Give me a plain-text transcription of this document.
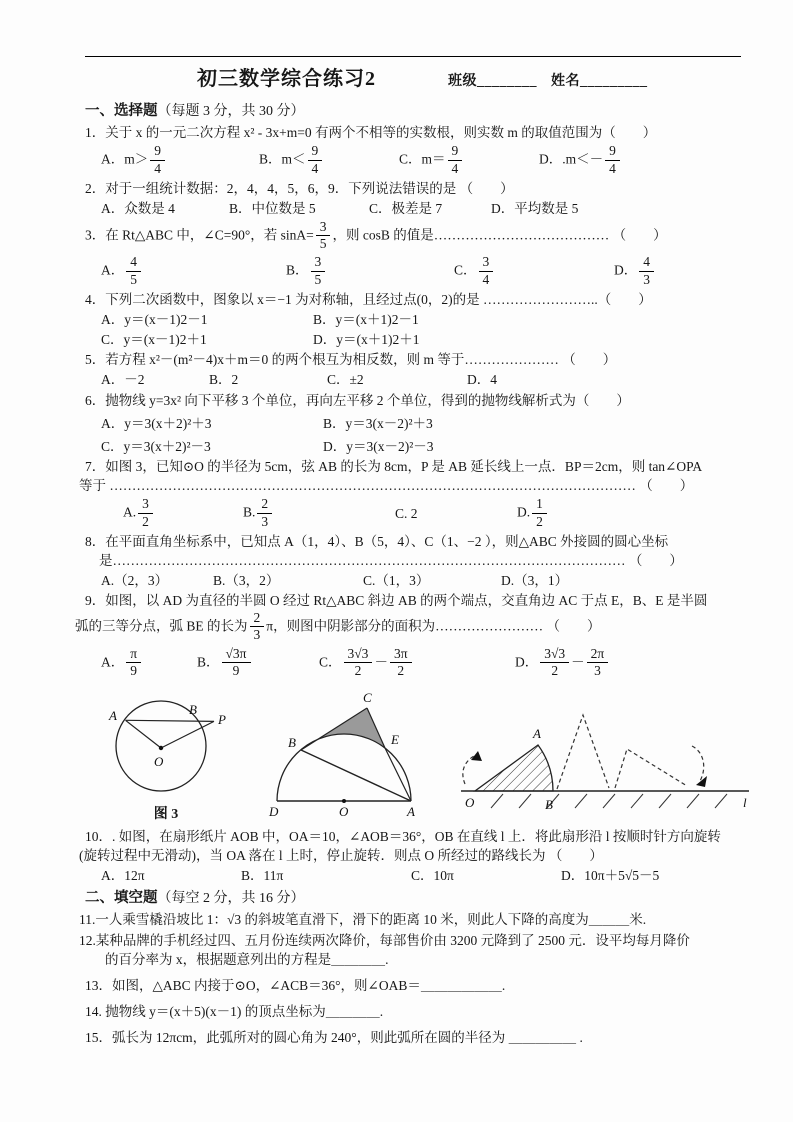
初三数学综合练习2	班级________ 姓名_________
一、选择题（每题 3 分，共 30 分）
1．关于 x 的一元二次方程 x² - 3x+m=0 有两个不相等的实数根，则实数 m 的取值范围为（　　）
A．$m> \frac{9}{4}$	B．$m< \frac{9}{4}$	C．$m= \frac{9}{4}$	D．$.m<- \frac{9}{4}$
2．对于一组统计数据：2，4，4，5，6，9．下列说法错误的是 （　　）
A．众数是 4	B．中位数是 5	C．极差是 7	D．平均数是 5
3．在 Rt△ABC 中，∠C=90°，若 $\sin A= \frac{3}{5}$ ，则 cosB 的值是………………………………… （　　）
A． $\frac{4}{5}$	B． $\frac{3}{5}$	C． $\frac{3}{4}$	D． $\frac{4}{3}$
4．下列二次函数中，图象以 x＝−1 为对称轴，且经过点(0，2)的是 ……………………..（　　）
A．y＝(x－1)2－1	B．y＝(x＋1)2－1
C．y＝(x－1)2＋1	D．y＝(x＋1)2＋1
5．若方程 x²－(m²－4)x＋m＝0 的两个根互为相反数，则 m 等于………………… （　　）
A．－2	B．2	C．±2	D．4
6．抛物线 y=3x² 向下平移 3 个单位，再向左平移 2 个单位，得到的抛物线解析式为（　　）
A．y＝3(x＋2)²＋3	B．y＝3(x－2)²＋3
C．y＝3(x＋2)²－3	D．y＝3(x－2)²－3
7．如图 3，已知⊙O 的半径为 5cm，弦 AB 的长为 8cm，P 是 AB 延长线上一点．BP＝2cm，则 tan∠OPA
等于 ……………………………………………………………………………………………………… （　　）
A. $\frac{3}{2}$	B. $\frac{2}{3}$	C. 2	D. $\frac{1}{2}$
8．在平面直角坐标系中，已知点 A（1，4）、B（5，4）、C（1、−2 ），则△ABC 外接圆的圆心坐标
是…………………………………………………………………………………………………… （　　）
A.（2，3）	B.（3，2）	C.（1，3）	D.（3，1）
9．如图，以 AD 为直径的半圆 O 经过 Rt△ABC 斜边 AB 的两个端点，交直角边 AC 于点 E，B、E 是半圆
弧的三等分点，弧 BE 的长为 $\frac{2}{3}$ π，则图中阴影部分的面积为…………………… （　　）
A． $\frac{\pi}{9}$	B． $\frac{√3\pi}{9}$	C． $\frac{3√3}{2} - \frac{3\pi}{2}$	D． $\frac{3√3}{2} - \frac{2\pi}{3}$
A	B
P
O
图 3
C
B	E
D	O	A
A
O	B	l
10．. 如图，在扇形纸片 AOB 中，OA＝10，∠AOB＝36°，OB 在直线 l 上．将此扇形沿 l 按顺时针方向旋转
(旋转过程中无滑动)，当 OA 落在 l 上时，停止旋转．则点 O 所经过的路线长为 （　　）
A．12π	B．11π	C．10π	D．10π＋5√5－5
二、填空题（每空 2 分，共 16 分）
11.一人乘雪橇沿坡比 1：√3 的斜坡笔直滑下，滑下的距离 10 米，则此人下降的高度为＿＿＿米.
12.某种品牌的手机经过四、五月份连续两次降价，每部售价由 3200 元降到了 2500 元．设平均每月降价
的百分率为 x，根据题意列出的方程是＿＿＿＿.
13．如图，△ABC 内接于⊙O，∠ACB＝36°，则∠OAB＝＿＿＿＿＿＿.
14. 抛物线 y＝(x＋5)(x－1) 的顶点坐标为＿＿＿＿.
15．弧长为 12πcm，此弧所对的圆心角为 240°，则此弧所在圆的半径为 ＿＿＿＿＿ .
